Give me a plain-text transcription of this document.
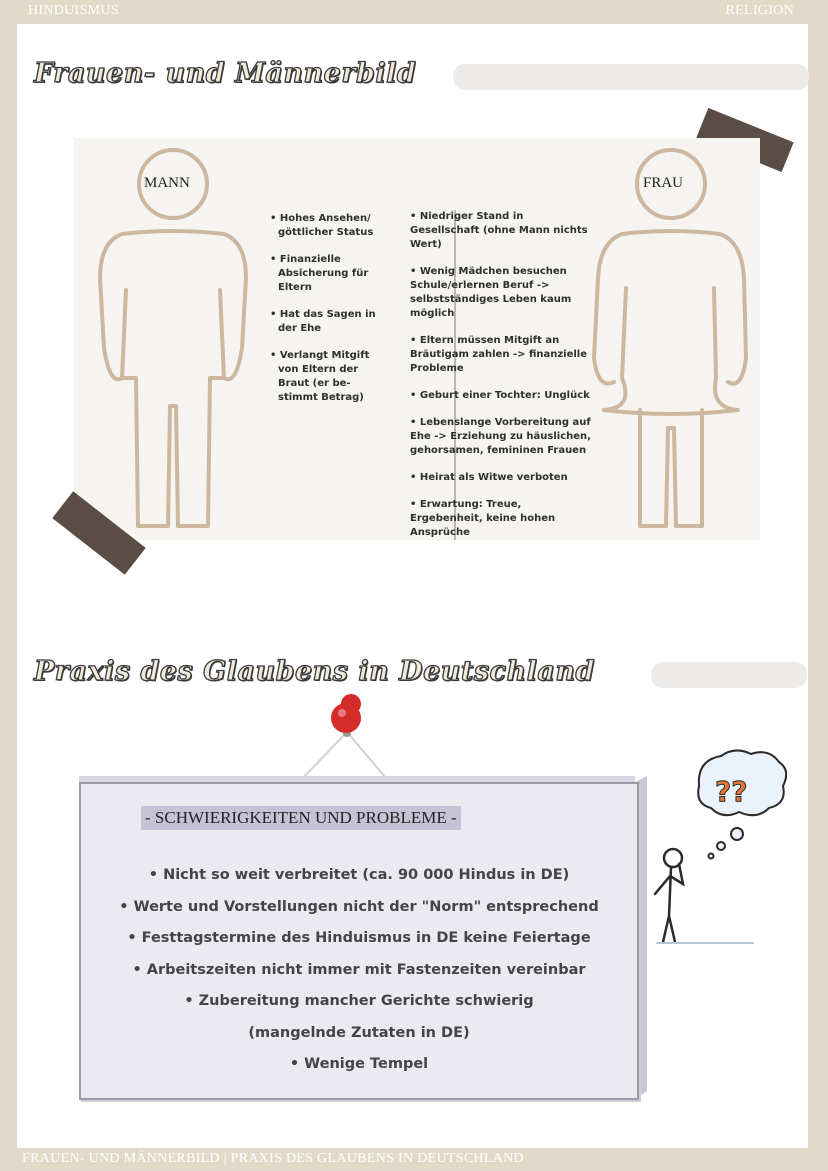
HINDUISMUS	RELIGION
Frauen- und Männerbild
MANN	FRAU
• Hohes Ansehen/ göttlicher Status
• Finanzielle Absicherung für Eltern
• Hat das Sagen in der Ehe
• Verlangt Mitgift von Eltern der Braut (er be- stimmt Betrag)
• Niedriger Stand in Gesellschaft (ohne Mann nichts Wert)
• Wenig Mädchen besuchen Schule/erlernen Beruf -> selbstständiges Leben kaum möglich
• Eltern müssen Mitgift an Bräutigam zahlen -> finanzielle Probleme
• Geburt einer Tochter: Unglück
• Lebenslange Vorbereitung auf Ehe -> Erziehung zu häuslichen, gehorsamen, femininen Frauen
• Heirat als Witwe verboten
• Erwartung: Treue, Ergebenheit, keine hohen Ansprüche
Praxis des Glaubens in Deutschland
- SCHWIERIGKEITEN UND PROBLEME -
• Nicht so weit verbreitet (ca. 90 000 Hindus in DE)
• Werte und Vorstellungen nicht der "Norm" entsprechend
• Festtagstermine des Hinduismus in DE keine Feiertage
• Arbeitszeiten nicht immer mit Fastenzeiten vereinbar
• Zubereitung mancher Gerichte schwierig
(mangelnde Zutaten in DE)
• Wenige Tempel
??
FRAUEN- UND MÄNNERBILD | PRAXIS DES GLAUBENS IN DEUTSCHLAND
